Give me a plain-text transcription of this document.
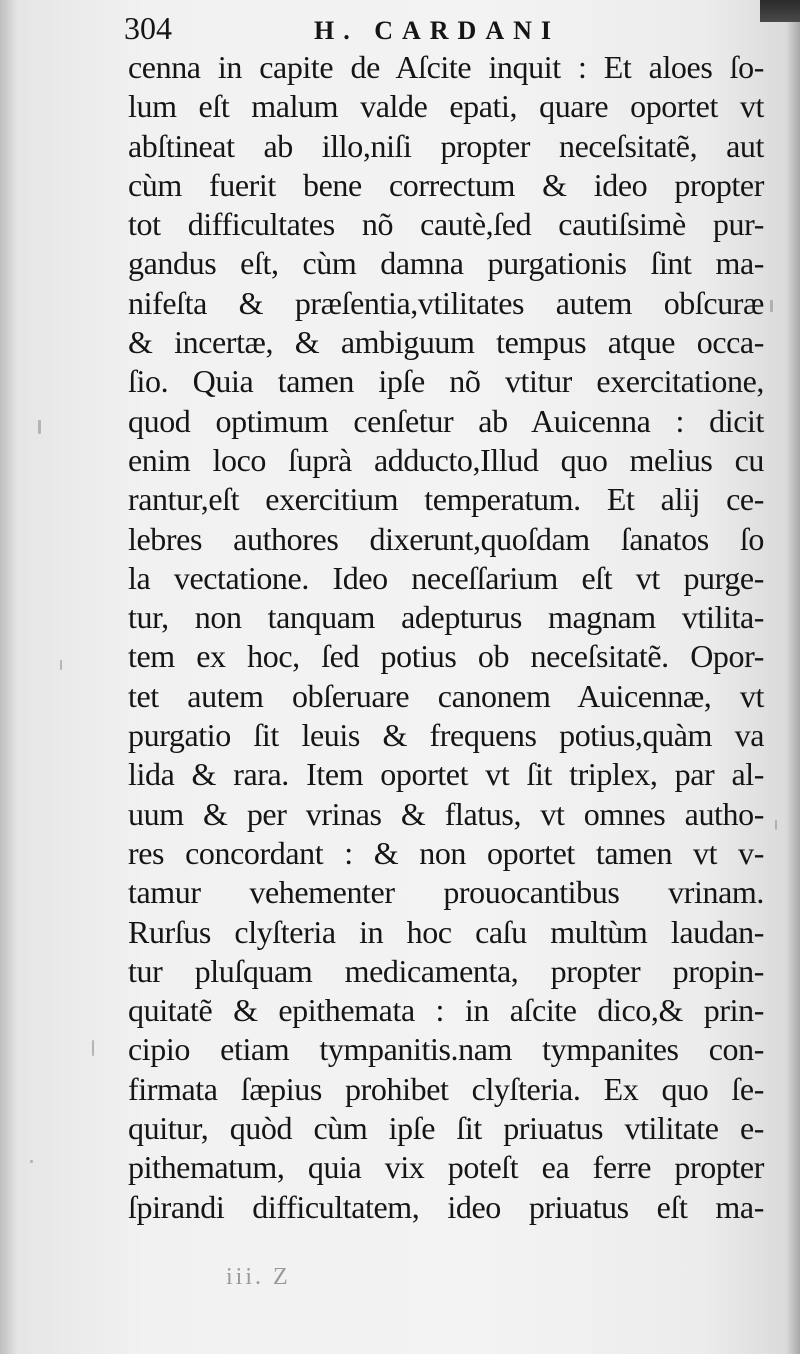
304	H. CARDANI
cenna in capite de Aſcite inquit : Et aloes ſo-
lum eſt malum valde epati, quare oportet vt
abſtineat ab illo,niſi propter neceſsitatẽ, aut
cùm fuerit bene correctum & ideo propter
tot difficultates nõ cautè,ſed cautiſsimè pur-
gandus eſt, cùm damna purgationis ſint ma-
nifeſta & præſentia,vtilitates autem obſcuræ
& incertæ, & ambiguum tempus atque occa-
ſio. Quia tamen ipſe nõ vtitur exercitatione,
quod optimum cenſetur ab Auicenna : dicit
enim loco ſuprà adducto,Illud quo melius cu
rantur,eſt exercitium temperatum. Et alij ce-
lebres authores dixerunt,quoſdam ſanatos ſo
la vectatione. Ideo neceſſarium eſt vt purge-
tur, non tanquam adepturus magnam vtilita-
tem ex hoc, ſed potius ob neceſsitatẽ. Opor-
tet autem obſeruare canonem Auicennæ, vt
purgatio ſit leuis & frequens potius,quàm va
lida & rara. Item oportet vt ſit triplex, par al-
uum & per vrinas & flatus, vt omnes autho-
res concordant : & non oportet tamen vt v-
tamur vehementer prouocantibus vrinam.
Rurſus clyſteria in hoc caſu multùm laudan-
tur pluſquam medicamenta, propter propin-
quitatẽ & epithemata : in aſcite dico,& prin-
cipio etiam tympanitis.nam tympanites con-
firmata ſæpius prohibet clyſteria. Ex quo ſe-
quitur, quòd cùm ipſe ſit priuatus vtilitate e-
pithematum, quia vix poteſt ea ferre propter
ſpirandi difficultatem, ideo priuatus eſt ma-
iii. Z
